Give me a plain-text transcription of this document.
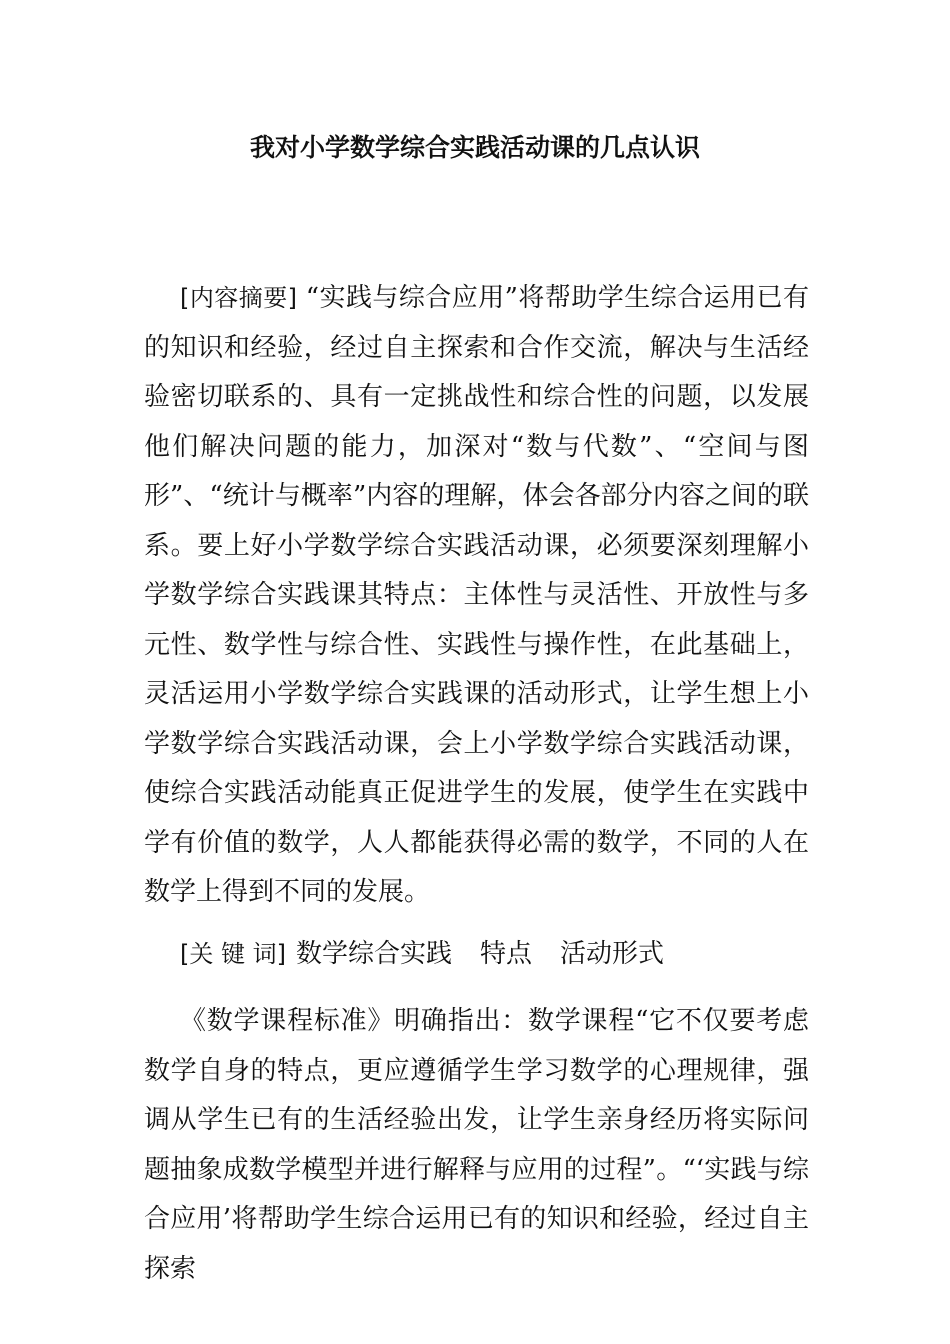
我对小学数学综合实践活动课的几点认识

[内容摘要] “实践与综合应用”将帮助学生综合运用已有的知识和经验，经过自主探索和合作交流，解决与生活经验密切联系的、具有一定挑战性和综合性的问题，以发展他们解决问题的能力，加深对“数与代数”、“空间与图形”、“统计与概率”内容的理解，体会各部分内容之间的联系。要上好小学数学综合实践活动课，必须要深刻理解小学数学综合实践课其特点：主体性与灵活性、开放性与多元性、数学性与综合性、实践性与操作性，在此基础上，灵活运用小学数学综合实践课的活动形式，让学生想上小学数学综合实践活动课，会上小学数学综合实践活动课，使综合实践活动能真正促进学生的发展，使学生在实践中学有价值的数学，人人都能获得必需的数学，不同的人在数学上得到不同的发展。

[关 键 词] 数学综合实践 特点 活动形式

《数学课程标准》明确指出：数学课程“它不仅要考虑数学自身的特点，更应遵循学生学习数学的心理规律，强调从学生已有的生活经验出发，让学生亲身经历将实际问题抽象成数学模型并进行解释与应用的过程”。“‘实践与综合应用’将帮助学生综合运用已有的知识和经验，经过自主探索
